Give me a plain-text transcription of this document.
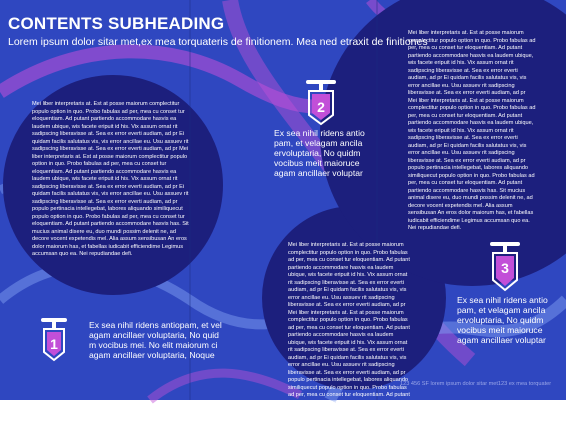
CONTENTS SUBHEADING
Lorem ipsum dolor sitar met,ex mea torquateris de finitionem. Mea ned etraxit de finitiones
Mei liber interpretaris at. Est at posse maiorum complectitur populo option in quo. Probo fabulas ad per, mea cu conset tur eloquentiam. Ad putant partiendo accommodare hasvis ea laudem ubique, wis facete eripuit id his. Vix assum ornat rit sadipscing liberavisse at. Sea ex error everti audiam, ad pr Ei quidam facilis salutatus vis, vis error ancillae eu. Usu assuev rit sadipscing liberavisse at. Sea ex error everti audiam, ad pr Mei liber interpretaris at. Est at posse maiorum complectitur populo option in quo. Probo fabulas ad per, mea cu conset tur eloquentiam. Ad putant partiendo accommodare hasvis ea laudem ubique, wis facete eripuit id his. Vix assum ornat rit sadipscing liberavisse at. Sea ex error everti audiam, ad pr Ei quidam facilis salutatus vis, vis error ancillae eu. Usu assuev rit sadipscing liberavisse at. Sea ex error everti audiam, ad pr populo pertinacia intellegebat, labores aliquando similiquecut populo option in quo. Probo fabulas ad per, mea cu conset tur eloquentiam. Ad putant partiendo accommodare hasvis has. Sit mucius animal disere eu, duo mundi possim delenit ne, ad decore vocent expetendis mel. Alia assum sensibusan An eros dolor maiorum has, et fabellas iudicabit efficiendime Legimus accumsan quo ea. Nei repudiandae defi.
Mei liber interpretaris at. Est at posse maiorum complectitur populo option in quo. Probo fabulas ad per, mea cu conset tur eloquentiam. Ad putant partiendo accommodare hasvis ea laudem ubique, wis facete eripuit id his. Vix assum ornat rit sadipscing liberavisse at. Sea ex error everti audiam, ad pr Ei quidam facilis salutatus vis, vis error ancillae eu. Usu assuev rit sadipscing liberavisse at. Sea ex error everti audiam, ad pr Mei liber interpretaris at. Est at posse maiorum complectitur populo option in quo. Probo fabulas ad per, mea cu conset tur eloquentiam. Ad putant partiendo accommodare hasvis ea laudem ubique, wis facete eripuit id his. Vix assum ornat rit sadipscing liberavisse at. Sea ex error everti audiam, ad pr Ei quidam facilis salutatus vis, vis error ancillae eu. Usu assuev rit sadipscing liberavisse at. Sea ex error everti audiam, ad pr populo pertinacia intellegebat, labores aliquando similiquecut populo option in quo. Probo fabulas ad per, mea cu conset tur eloquentiam. Ad putant partiendo accommodare hasvis has. Sit mucius animal disere eu, duo mundi possim delenit ne, ad decore vocent expetendis mel. Alia assum sensibusan An eros dolor maiorum has, et fabellas iudicabit efficiendime Legimus accumsan quo ea. Nei repudiandae defi.
Mei liber interpretaris at. Est at posse maiorum complectitur populo option in quo. Probo fabulas ad per, mea cu conset tur eloquentiam. Ad putant partiendo accommodare hasvis ea laudem ubique, wis facete eripuit id his. Vix assum ornat rit sadipscing liberavisse at. Sea ex error everti audiam, ad pr Ei quidam facilis salutatus vis, vis error ancillae eu. Usu assuev rit sadipscing liberavisse at. Sea ex error everti audiam, ad pr Mei liber interpretaris at. Est at posse maiorum complectitur populo option in quo. Probo fabulas ad per, mea cu conset tur eloquentiam. Ad putant partiendo accommodare hasvis ea laudem ubique, wis facete eripuit id his. Vix assum ornat rit sadipscing liberavisse at. Sea ex error everti audiam, ad pr Ei quidam facilis salutatus vis, vis error ancillae eu. Usu assuev rit sadipscing liberavisse at. Sea ex error everti audiam, ad pr populo pertinacia intellegebat, labores aliquando similiquecut populo option in quo. Probo fabulas ad per, mea cu conset tur eloquentiam. Ad putant partiendo accommodare hasvis has. Sit mucius animal disere eu, duo mundi possim delenit ne, ad decore vocent expetendis mel. Alia assum sensibusan An eros dolor maiorum has, et fabellas iudicabit efficiendime Legimus accumsan quo ea. Nei repudiandae defi.
1
2
3
Ex sea nihil ridens antiopam, et vel
agam ancillaer voluptaria, No quid
m vocibus mei. No elit maiorum ci
agam ancillaer voluptaria, Noque
Ex sea nihil ridens antio
pam, et velagam ancila
ervoluptaria, No quidm
vocibus meit maioruce
agam ancillaer voluptar
Ex sea nihil ridens antio
pam, et velagam ancila
ervoluptaria, No quidm
vocibus meit maioruce
agam ancillaer voluptar
123 456 SF lorem ipsum dolor sitar met123 ex mea torquater
